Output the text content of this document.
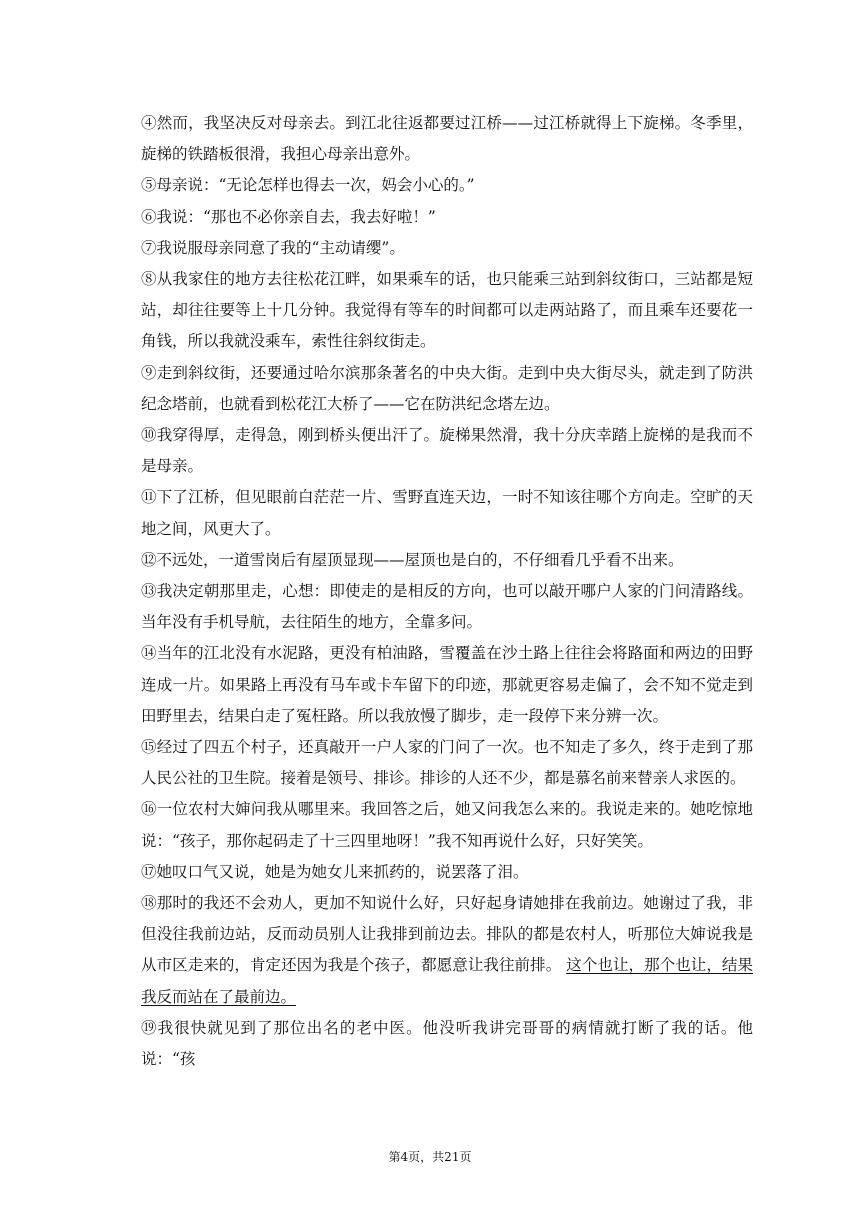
④然而，我坚决反对母亲去。到江北往返都要过江桥——过江桥就得上下旋梯。冬季里，旋梯的铁踏板很滑，我担心母亲出意外。

⑤母亲说：“无论怎样也得去一次，妈会小心的。”

⑥我说：“那也不必你亲自去，我去好啦！”

⑦我说服母亲同意了我的“主动请缨”。

⑧从我家住的地方去往松花江畔，如果乘车的话，也只能乘三站到斜纹街口，三站都是短站，却往往要等上十几分钟。我觉得有等车的时间都可以走两站路了，而且乘车还要花一角钱，所以我就没乘车，索性往斜纹街走。

⑨走到斜纹街，还要通过哈尔滨那条著名的中央大街。走到中央大街尽头，就走到了防洪纪念塔前，也就看到松花江大桥了——它在防洪纪念塔左边。

⑩我穿得厚，走得急，刚到桥头便出汗了。旋梯果然滑，我十分庆幸踏上旋梯的是我而不是母亲。

⑪下了江桥，但见眼前白茫茫一片、雪野直连天边，一时不知该往哪个方向走。空旷的天地之间，风更大了。

⑫不远处，一道雪岗后有屋顶显现——屋顶也是白的，不仔细看几乎看不出来。

⑬我决定朝那里走，心想：即使走的是相反的方向，也可以敲开哪户人家的门问清路线。当年没有手机导航，去往陌生的地方，全靠多问。

⑭当年的江北没有水泥路，更没有柏油路，雪覆盖在沙土路上往往会将路面和两边的田野连成一片。如果路上再没有马车或卡车留下的印迹，那就更容易走偏了，会不知不觉走到田野里去，结果白走了冤枉路。所以我放慢了脚步，走一段停下来分辨一次。

⑮经过了四五个村子，还真敲开一户人家的门问了一次。也不知走了多久，终于走到了那人民公社的卫生院。接着是领号、排诊。排诊的人还不少，都是慕名前来替亲人求医的。

⑯一位农村大婶问我从哪里来。我回答之后，她又问我怎么来的。我说走来的。她吃惊地说：“孩子，那你起码走了十三四里地呀！”我不知再说什么好，只好笑笑。

⑰她叹口气又说，她是为她女儿来抓药的，说罢落了泪。

⑱那时的我还不会劝人，更加不知说什么好，只好起身请她排在我前边。她谢过了我，非但没往我前边站，反而动员别人让我排到前边去。排队的都是农村人，听那位大婶说我是从市区走来的，肯定还因为我是个孩子，都愿意让我往前排。 这个也让，那个也让，结果我反而站在了最前边。

⑲我很快就见到了那位出名的老中医。他没听我讲完哥哥的病情就打断了我的话。他说：“孩

第4页，共21页
